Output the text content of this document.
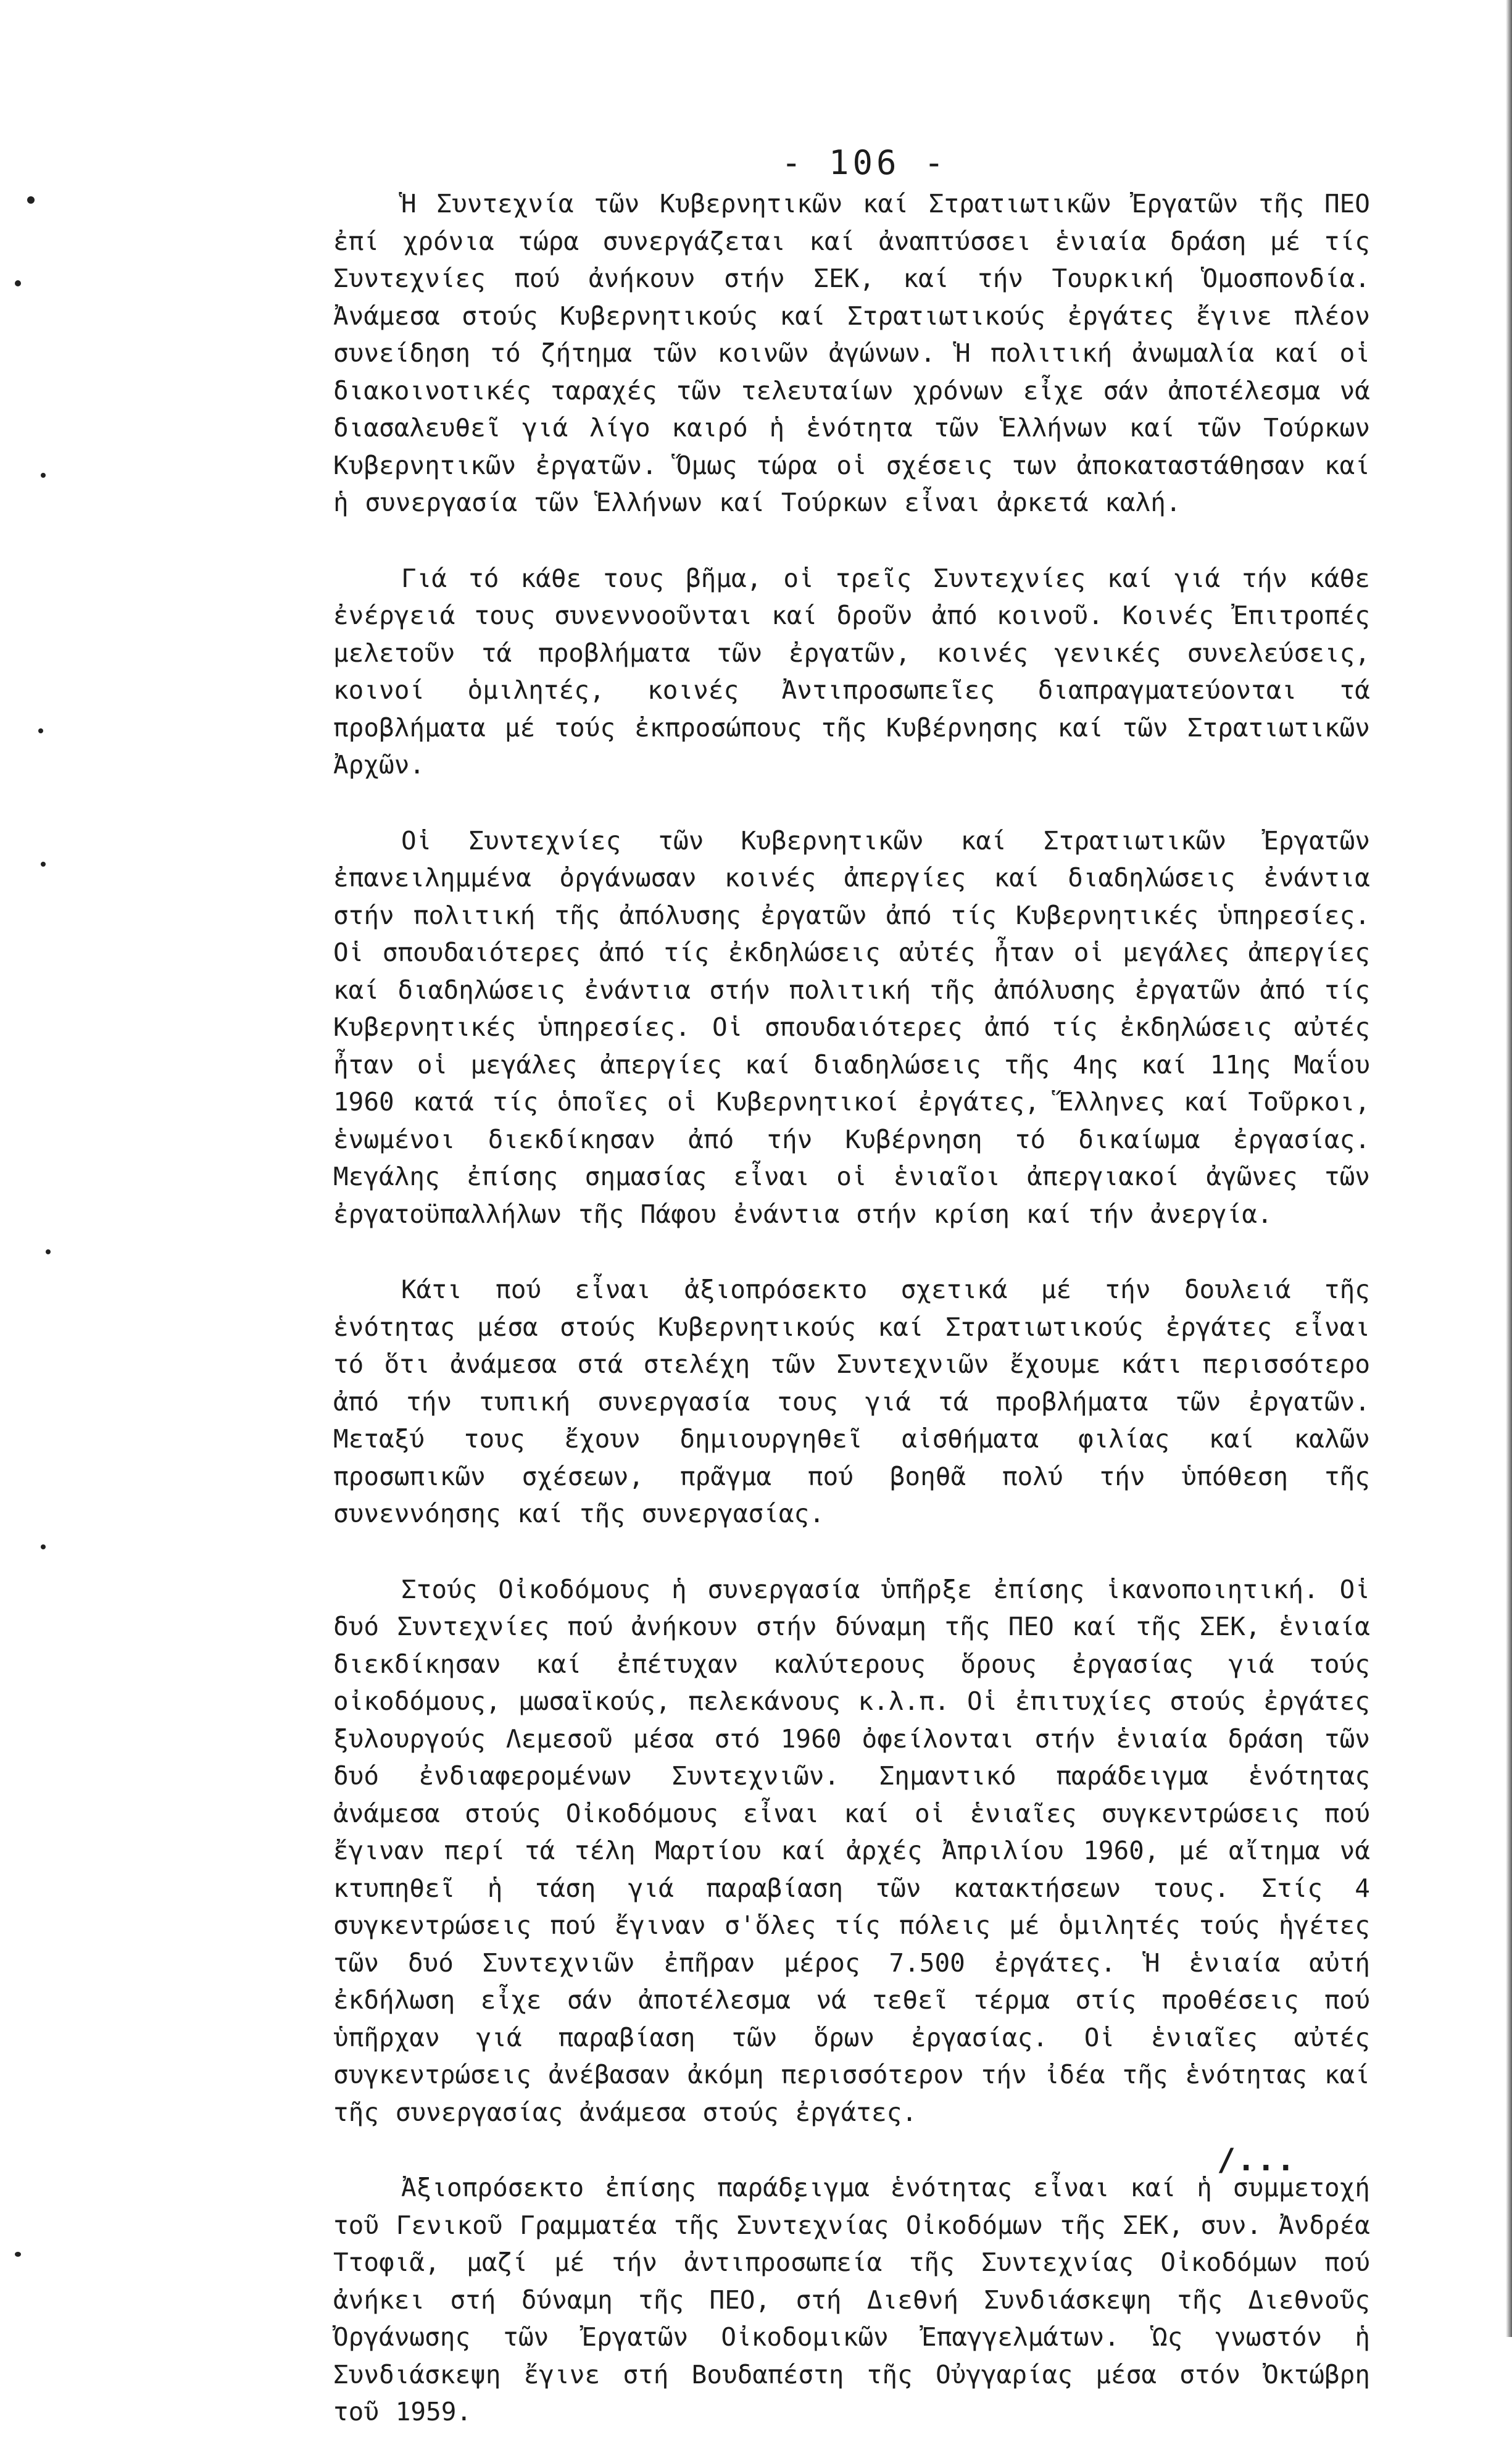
- 106 -

Ἡ Συντεχνία τῶν Κυβερνητικῶν καί Στρατιωτικῶν Ἐργατῶν τῆς ΠΕΟ ἐπί χρόνια τώρα συνεργάζεται καί ἀναπτύσσει ἑνιαία δράση μέ τίς Συντεχνίες πού ἀνήκουν στήν ΣΕΚ, καί τήν Τουρκική Ὁμοσπονδία. Ἀνάμεσα στούς Κυβερνητικούς καί Στρατιωτικούς ἐργάτες ἔγινε πλέον συνείδηση τό ζήτημα τῶν κοινῶν ἀγώνων. Ἡ πολιτική ἀνωμαλία καί οἱ διακοινοτικές ταραχές τῶν τελευταίων χρόνων εἶχε σάν ἀποτέλεσμα νά διασαλευθεῖ γιά λίγο καιρό ἡ ἑνότητα τῶν Ἑλλήνων καί τῶν Τούρκων Κυβερνητικῶν ἐργατῶν. Ὅμως τώρα οἱ σχέσεις των ἀποκαταστάθησαν καί ἡ συνεργασία τῶν Ἑλλήνων καί Τούρκων εἶναι ἀρκετά καλή.

Γιά τό κάθε τους βῆμα, οἱ τρεῖς Συντεχνίες καί γιά τήν κάθε ἐνέργειά τους συνεννοοῦνται καί δροῦν ἀπό κοινοῦ. Κοινές Ἐπιτροπές μελετοῦν τά προβλήματα τῶν ἐργατῶν, κοινές γενικές συνελεύσεις, κοινοί ὁμιλητές, κοινές Ἀντιπροσωπεῖες διαπραγματεύονται τά προβλήματα μέ τούς ἐκπροσώπους τῆς Κυβέρνησης καί τῶν Στρατιωτικῶν Ἀρχῶν.

Οἱ Συντεχνίες τῶν Κυβερνητικῶν καί Στρατιωτικῶν Ἐργατῶν ἐπανειλημμένα ὀργάνωσαν κοινές ἀπεργίες καί διαδηλώσεις ἐνάντια στήν πολιτική τῆς ἀπόλυσης ἐργατῶν ἀπό τίς Κυβερνητικές ὑπηρεσίες. Οἱ σπουδαιότερες ἀπό τίς ἐκδηλώσεις αὐτές ἦταν οἱ μεγάλες ἀπεργίες καί διαδηλώσεις ἐνάντια στήν πολιτική τῆς ἀπόλυσης ἐργατῶν ἀπό τίς Κυβερνητικές ὑπηρεσίες. Οἱ σπουδαιότερες ἀπό τίς ἐκδηλώσεις αὐτές ἦταν οἱ μεγάλες ἀπεργίες καί διαδηλώσεις τῆς 4ης καί 11ης Μαΐου 1960 κατά τίς ὁποῖες οἱ Κυβερνητικοί ἐργάτες, Ἕλληνες καί Τοῦρκοι, ἑνωμένοι διεκδίκησαν ἀπό τήν Κυβέρνηση τό δικαίωμα ἐργασίας. Μεγάλης ἐπίσης σημασίας εἶναι οἱ ἑνιαῖοι ἀπεργιακοί ἀγῶνες τῶν ἐργατοϋπαλλήλων τῆς Πάφου ἐνάντια στήν κρίση καί τήν ἀνεργία.

Κάτι πού εἶναι ἀξιοπρόσεκτο σχετικά μέ τήν δουλειά τῆς ἑνότητας μέσα στούς Κυβερνητικούς καί Στρατιωτικούς ἐργάτες εἶναι τό ὅτι ἀνάμεσα στά στελέχη τῶν Συντεχνιῶν ἔχουμε κάτι περισσότερο ἀπό τήν τυπική συνεργασία τους γιά τά προβλήματα τῶν ἐργατῶν. Μεταξύ τους ἔχουν δημιουργηθεῖ αἰσθήματα φιλίας καί καλῶν προσωπικῶν σχέσεων, πρᾶγμα πού βοηθᾶ πολύ τήν ὑπόθεση τῆς συνεννόησης καί τῆς συνεργασίας.

Στούς Οἰκοδόμους ἡ συνεργασία ὑπῆρξε ἐπίσης ἱκανοποιητική. Οἱ δυό Συντεχνίες πού ἀνήκουν στήν δύναμη τῆς ΠΕΟ καί τῆς ΣΕΚ, ἑνιαία διεκδίκησαν καί ἐπέτυχαν καλύτερους ὅρους ἐργασίας γιά τούς οἰκοδόμους, μωσαϊκούς, πελεκάνους κ.λ.π. Οἱ ἐπιτυχίες στούς ἐργάτες ξυλουργούς Λεμεσοῦ μέσα στό 1960 ὀφείλονται στήν ἑνιαία δράση τῶν δυό ἐνδιαφερομένων Συντεχνιῶν. Σημαντικό παράδειγμα ἑνότητας ἀνάμεσα στούς Οἰκοδόμους εἶναι καί οἱ ἑνιαῖες συγκεντρώσεις πού ἔγιναν περί τά τέλη Μαρτίου καί ἀρχές Ἀπριλίου 1960, μέ αἴτημα νά κτυπηθεῖ ἡ τάση γιά παραβίαση τῶν κατακτήσεων τους. Στίς 4 συγκεντρώσεις πού ἔγιναν σ'ὅλες τίς πόλεις μέ ὁμιλητές τούς ἡγέτες τῶν δυό Συντεχνιῶν ἐπῆραν μέρος 7.500 ἐργάτες. Ἡ ἑνιαία αὐτή ἐκδήλωση εἶχε σάν ἀποτέλεσμα νά τεθεῖ τέρμα στίς προθέσεις πού ὑπῆρχαν γιά παραβίαση τῶν ὅρων ἐργασίας. Οἱ ἑνιαῖες αὐτές συγκεντρώσεις ἀνέβασαν ἀκόμη περισσότερον τήν ἰδέα τῆς ἑνότητας καί τῆς συνεργασίας ἀνάμεσα στούς ἐργάτες.

Ἀξιοπρόσεκτο ἐπίσης παράδειγμα ἑνότητας εἶναι καί ἡ συμμετοχή τοῦ Γενικοῦ Γραμματέα τῆς Συντεχνίας Οἰκοδόμων τῆς ΣΕΚ, συν. Ἀνδρέα Ττοφιᾶ, μαζί μέ τήν ἀντιπροσωπεία τῆς Συντεχνίας Οἰκοδόμων πού ἀνήκει στή δύναμη τῆς ΠΕΟ, στή Διεθνή Συνδιάσκεψη τῆς Διεθνοῦς Ὀργάνωσης τῶν Ἐργατῶν Οἰκοδομικῶν Ἐπαγγελμάτων. Ὡς γνωστόν ἡ Συνδιάσκεψη ἔγινε στή Βουδαπέστη τῆς Οὐγγαρίας μέσα στόν Ὀκτώβρη τοῦ 1959.

/...
